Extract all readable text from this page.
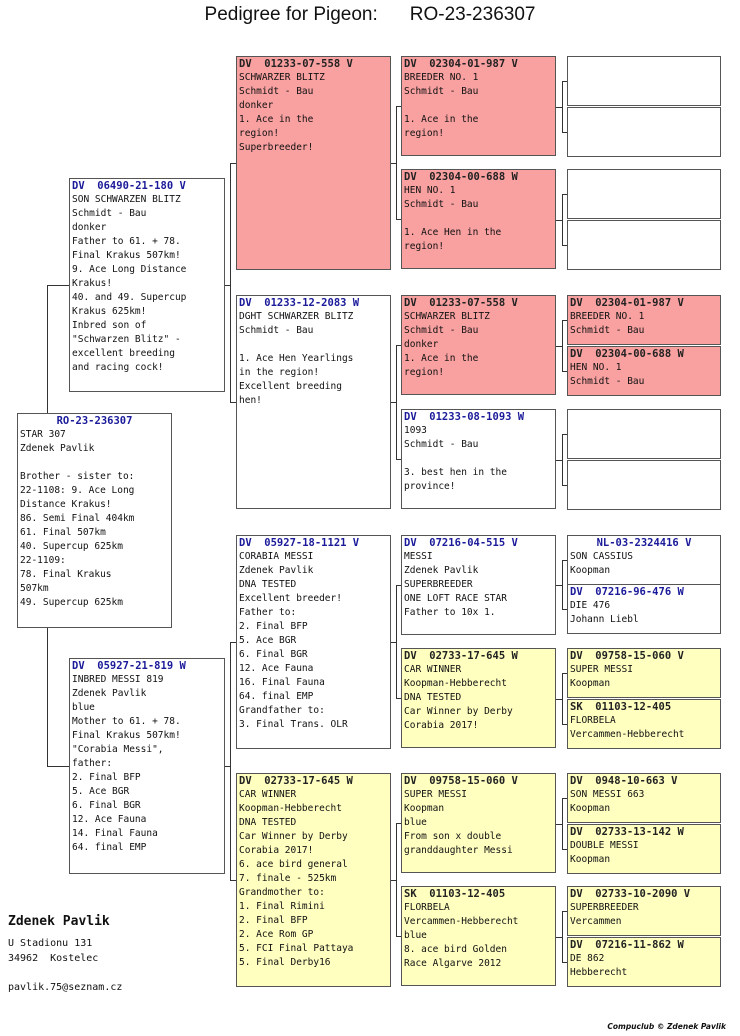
Pedigree for Pigeon: RO-23-236307
RO-23-236307
STAR 307
Zdenek Pavlik

Brother - sister to:
22-1108: 9. Ace Long
Distance Krakus!
86. Semi Final 404km
61. Final 507km
40. Supercup 625km
22-1109:
78. Final Krakus
507km
49. Supercup 625km
DV  06490-21-180 V
SON SCHWARZEN BLITZ
Schmidt - Bau
donker
Father to 61. + 78.
Final Krakus 507km!
9. Ace Long Distance
Krakus!
40. and 49. Supercup
Krakus 625km!
Inbred son of
"Schwarzen Blitz" -
excellent breeding
and racing cock!
DV  05927-21-819 W
INBRED MESSI 819
Zdenek Pavlik
blue
Mother to 61. + 78.
Final Krakus 507km!
"Corabia Messi",
father:
2. Final BFP
5. Ace BGR
6. Final BGR
12. Ace Fauna
14. Final Fauna
64. final EMP
DV  01233-07-558 V
SCHWARZER BLITZ
Schmidt - Bau
donker
1. Ace in the
region!
Superbreeder!
DV  01233-12-2083 W
DGHT SCHWARZER BLITZ
Schmidt - Bau

1. Ace Hen Yearlings
in the region!
Excellent breeding
hen!
DV  05927-18-1121 V
CORABIA MESSI
Zdenek Pavlik
DNA TESTED
Excellent breeder!
Father to:
2. Final BFP
5. Ace BGR
6. Final BGR
12. Ace Fauna
16. Final Fauna
64. final EMP
Grandfather to:
3. Final Trans. OLR
DV  02733-17-645 W
CAR WINNER
Koopman-Hebberecht
DNA TESTED
Car Winner by Derby
Corabia 2017!
6. ace bird general
7. finale - 525km
Grandmother to:
1. Final Rimini
2. Final BFP
2. Ace Rom GP
5. FCI Final Pattaya
5. Final Derby16
DV  02304-01-987 V
BREEDER NO. 1
Schmidt - Bau

1. Ace in the
region!
DV  02304-00-688 W
HEN NO. 1
Schmidt - Bau

1. Ace Hen in the
region!
DV  01233-07-558 V
SCHWARZER BLITZ
Schmidt - Bau
donker
1. Ace in the
region!
DV  01233-08-1093 W
1093
Schmidt - Bau

3. best hen in the
province!
DV  07216-04-515 V
MESSI
Zdenek Pavlik
SUPERBREEDER
ONE LOFT RACE STAR
Father to 10x 1.
DV  02733-17-645 W
CAR WINNER
Koopman-Hebberecht
DNA TESTED
Car Winner by Derby
Corabia 2017!
DV  09758-15-060 V
SUPER MESSI
Koopman
blue
From son x double
granddaughter Messi
SK  01103-12-405
FLORBELA
Vercammen-Hebberecht
blue
8. ace bird Golden
Race Algarve 2012
DV  02304-01-987 V
BREEDER NO. 1
Schmidt - Bau
DV  02304-00-688 W
HEN NO. 1
Schmidt - Bau
NL-03-2324416 V
SON CASSIUS
Koopman
DV  07216-96-476 W
DIE 476
Johann Liebl
DV  09758-15-060 V
SUPER MESSI
Koopman
SK  01103-12-405
FLORBELA
Vercammen-Hebberecht
DV  0948-10-663 V
SON MESSI 663
Koopman
DV  02733-13-142 W
DOUBLE MESSI
Koopman
DV  02733-10-2090 V
SUPERBREEDER
Vercammen
DV  07216-11-862 W
DE 862
Hebberecht
Zdenek Pavlik
U Stadionu 131
34962  Kostelec
pavlik.75@seznam.cz
Compuclub © Zdenek Pavlik
